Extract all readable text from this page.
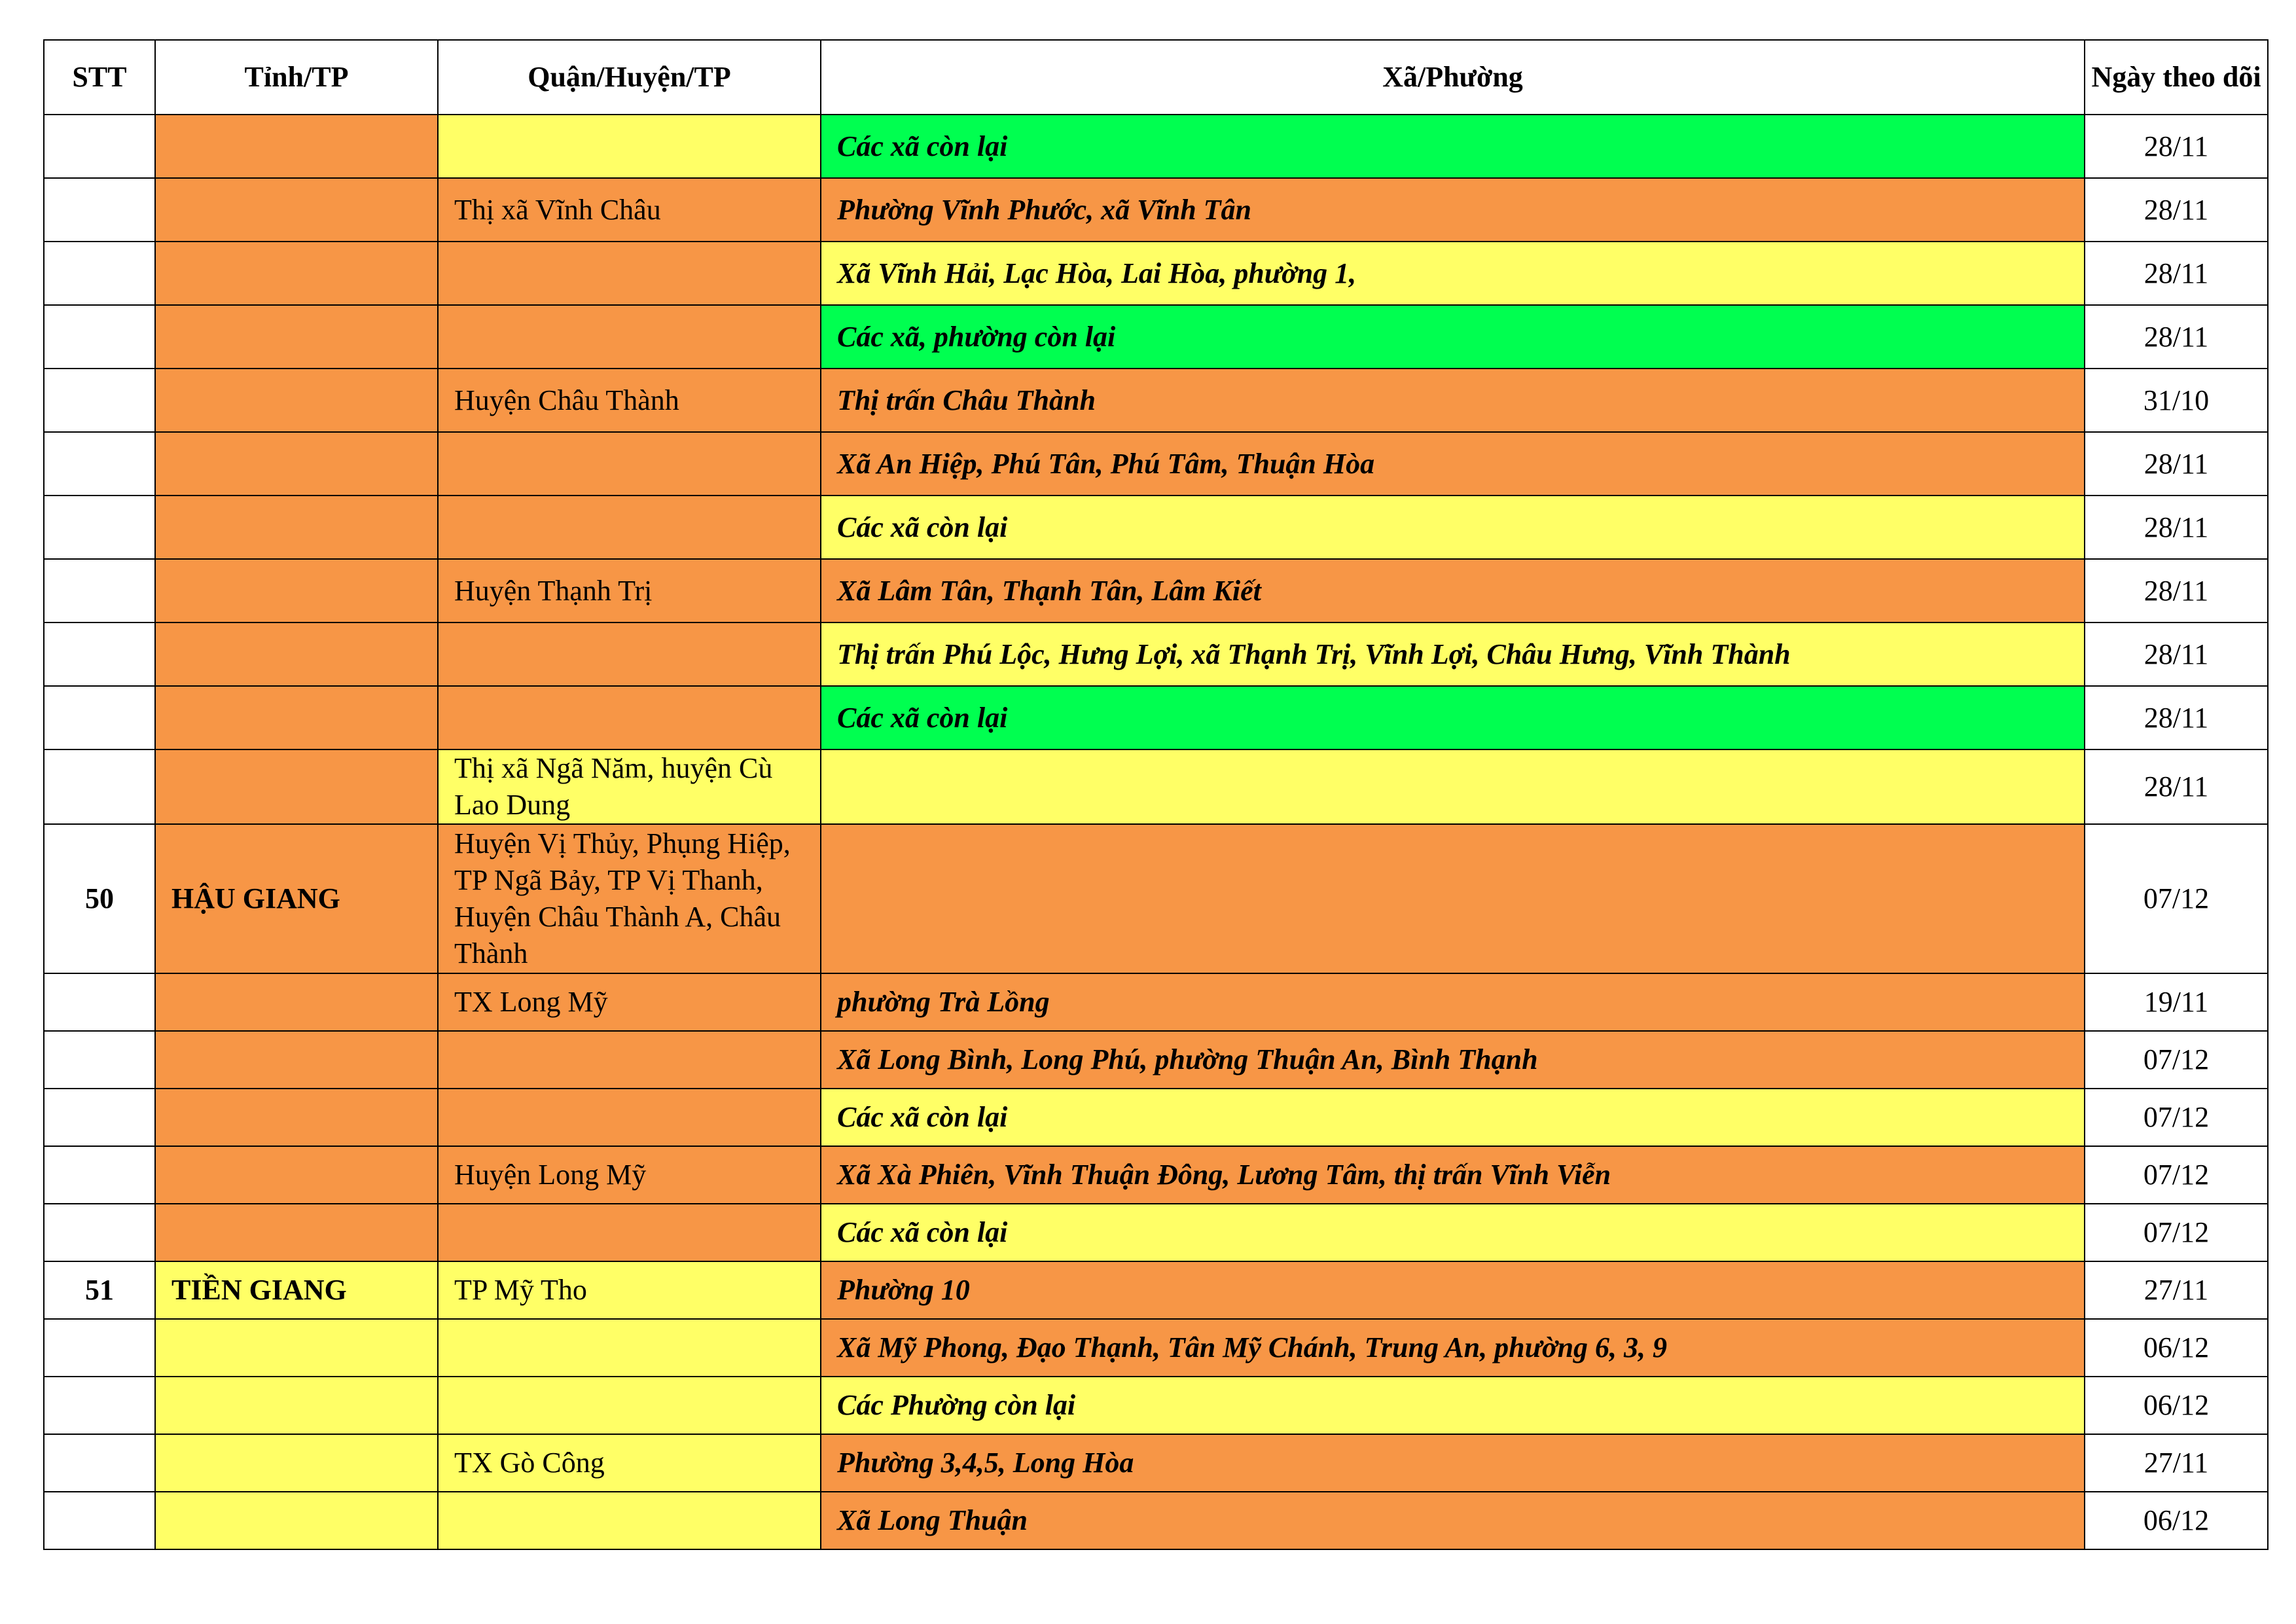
STT	Tỉnh/TP	Quận/Huyện/TP	Xã/Phường	Ngày theo dõi
			Các xã còn lại	28/11
		Thị xã Vĩnh Châu	Phường Vĩnh Phước, xã Vĩnh Tân	28/11
			Xã Vĩnh Hải, Lạc Hòa, Lai Hòa, phường 1,	28/11
			Các xã, phường còn lại	28/11
		Huyện Châu Thành	Thị trấn Châu Thành	31/10
			Xã An Hiệp, Phú Tân, Phú Tâm, Thuận Hòa	28/11
			Các xã còn lại	28/11
		Huyện Thạnh Trị	Xã Lâm Tân, Thạnh Tân, Lâm Kiết	28/11
			Thị trấn Phú Lộc, Hưng Lợi, xã Thạnh Trị, Vĩnh Lợi, Châu Hưng, Vĩnh Thành	28/11
			Các xã còn lại	28/11
		Thị xã Ngã Năm, huyện Cù Lao Dung		28/11
50	HẬU GIANG	Huyện Vị Thủy, Phụng Hiệp, TP Ngã Bảy, TP Vị Thanh, Huyện Châu Thành A, Châu Thành		07/12
		TX Long Mỹ	phường Trà Lồng	19/11
			Xã Long Bình, Long Phú, phường Thuận An, Bình Thạnh	07/12
			Các xã còn lại	07/12
		Huyện Long Mỹ	Xã Xà Phiên, Vĩnh Thuận Đông, Lương Tâm, thị trấn Vĩnh Viễn	07/12
			Các xã còn lại	07/12
51	TIỀN GIANG	TP Mỹ Tho	Phường 10	27/11
			Xã Mỹ Phong, Đạo Thạnh, Tân Mỹ Chánh, Trung An, phường 6, 3, 9	06/12
			Các Phường còn lại	06/12
		TX Gò Công	Phường 3,4,5, Long Hòa	27/11
			Xã Long Thuận	06/12
